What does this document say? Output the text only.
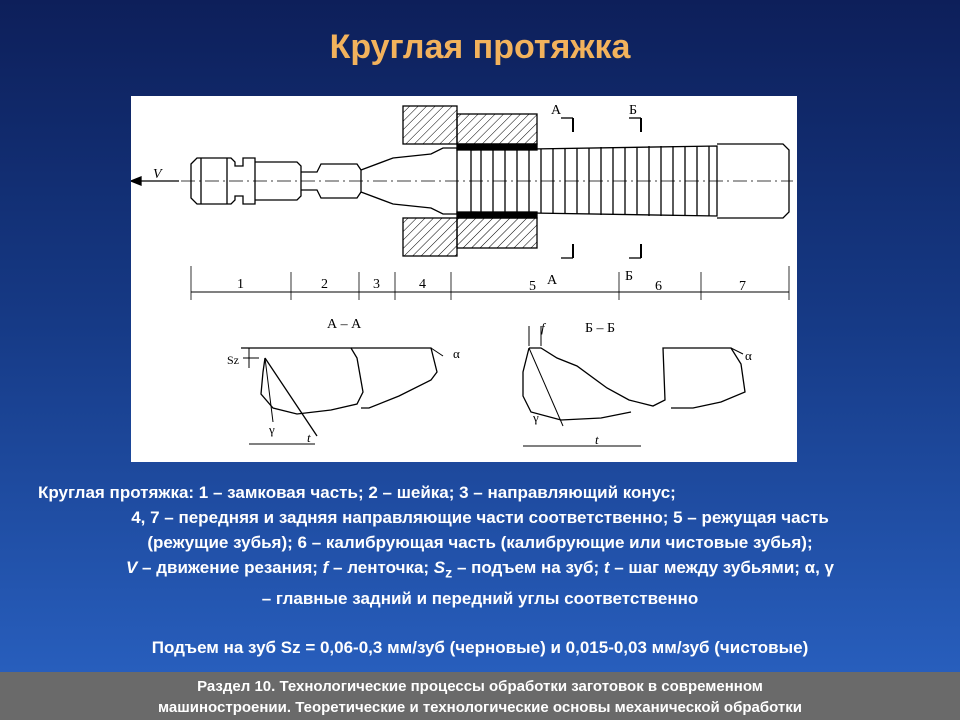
Круглая протяжка
V
А
А
Б
Б
1	2	3	4	5	6	7
А – А
Sz	α
γ
t
Б – Б
f
α
γ
t
Круглая протяжка: 1 – замковая часть; 2 – шейка; 3 – направляющий конус;
4, 7 – передняя и задняя направляющие части соответственно; 5 – режущая часть
(режущие зубья); 6 – калибрующая часть (калибрующие или чистовые зубья);
V – движение резания; f – ленточка; $S_z$ – подъем на зуб; t – шаг между зубьями; α, γ
– главные задний и передний углы соответственно
Подъем на зуб Sz = 0,06-0,3 мм/зуб (черновые) и 0,015-0,03 мм/зуб (чистовые)
Раздел 10. Технологические процессы обработки заготовок в современном
машиностроении. Теоретические и технологические основы механической обработки
